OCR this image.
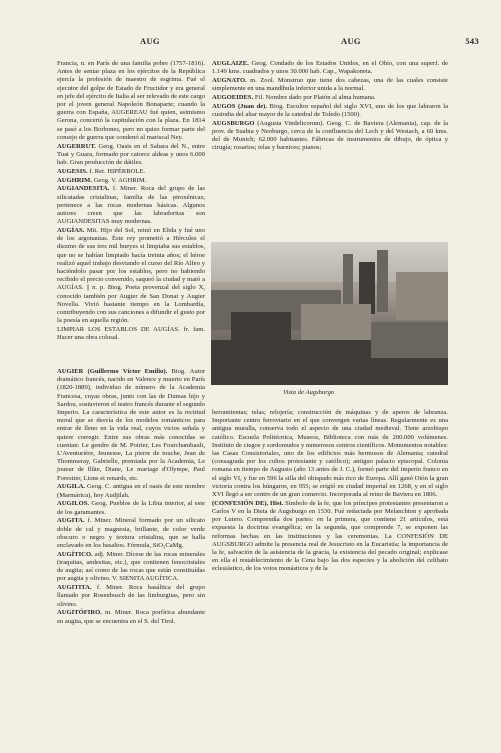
AUG	AUG	543

Francia, n. en París de una familia pobre (1757-1816). Antes de sentar plaza en los ejércitos de la República ejercía la profesión de maestro de esgrima. Fué el ejecutor del golpe de Estado de Fructidor y era general en jefe del ejército de Italia al ser relevado de este cargo por el joven general Napoleón Bonaparte; cuando la guerra con España, AUGEREAU fué quien, asimismo Gerona, concertó la capitulación con la plaza. En 1814 se pasó a los Borbones, pero no quiso formar parte del consejo de guerra que condenó al mariscal Ney.

AUGERRUT. Geog. Oasis en el Sahara del N., entre Tuat y Guara, formado por catorce aldeas y unos 6.000 hab. Gran producción de dátiles.

AUGESIS. f. Ret. HIPÉRBOLE.

AUGHRIM. Geog. V. AGHRIM.

AUGIANDESITA. f. Miner. Roca del grupo de las silicatadas cristalinas, familia de las piroxénicas; pertenece a las rocas modernas básicas. Algunos autores creen que las labradoritas son AUGIANDESITAS muy modernas.

AUGÍAS. Mit. Hijo del Sol, reinó en Elida y fué uno de los argonautas. Éste rey prometió a Hércules el diezmo de sus tres mil bueyes si limpiaba sus establos, que no se habían limpiado hacía treinta años; el héroe realizó aquel trabajo desviando el curso del Río Alfeo y haciéndolo pasar por los establos, pero no habiendo recibido el precio convenido, saqueó la ciudad y mató a AUGÍAS. || n. p. Biog. Poeta provenzal del siglo X, conocido también por Augier de San Donat y Augier Novella. Vivió bastante tiempo en la Lombardía, contribuyendo con sus canciones a difundir el gusto por la poesía en aquella región.

LIMPIAR LOS ESTABLOS DE AUGÍAS. fr. fam. Hacer una obra colosal.

AUGIER (Guillermo Víctor Emilio). Biog. Autor dramático francés, nacido en Valence y muerto en París (1820-1889), individuo de número de la Academia Francesa, cuyas obras, junto con las de Dumas hijo y Sardou, sostuvieron el teatro francés durante el segundo Imperio. La característica de este autor es la rectitud moral que se desvía de los modelos románticos para entrar de lleno en la vida real, cuyos vicios señala y quiere corregir. Entre sus obras más conocidas se cuentan: Le gendre de M. Poirier, Les Fourchambault, L'Aventurière, Jeunesse, La pierre de touche, Jean de Thommeray, Gabrielle, premiada por la Academia, Le joueur de flûte, Diane, Le mariage d'Olympe, Paul Forestier, Lions et renards, etc.

AUGILA. Geog. C. antigua en el oasis de este nombre (Marmárica), hoy Audjilah.

AUGILOS. Geog. Pueblos de la Libia interior, al este de los garamantes.

AUGITA. f. Miner. Mineral formado por un silicato doble de cal y magnesia, brillante, de color verde obscuro o negro y textura cristalina, que se halla enclavado en los basaltos. Fórmula, SiO₃CaMg.

AUGÍTICO. adj. Miner. Dícese de las rocas minerales (traquitas, andesitas, etc.), que contienen fenocristales de augita; así como de las rocas que están constituídas por augita y olivino. V. SIENITA AUGÍTICA.

AUGITITA. f. Miner. Roca basáltica del grupo llamado por Rosenbusch de las limburgitas, pero sin olivino.

AUGITÓFIRO. m. Miner. Roca porfírica abundante en augita, que se encuentra en el S. del Tirol.

AUGLAIZE. Geog. Condado de los Estados Unidos, en el Ohío, con una superf. de 1.149 kms. cuadrados y unos 30.000 hab. Cap., Wapakoneta.

AUGNATO. m. Zool. Monstruo que tiene dos cabezas, una de las cuales consiste simplemente en una mandíbula inferior unida a la normal.

AUGOEIDES. Fil. Nombre dado por Platón al alma humana.

AUGOS (Juan de). Biog. Escultor español del siglo XVI, uno de los que labraron la custodia del altar mayor de la catedral de Toledo (1500).

AUGSBURGO (Augusta Vindelicorum). Geog. C. de Baviera (Alemania), cap. de la prov. de Suabia y Neoburgo, cerca de la confluencia del Lech y del Westach, a 60 kms. del de Munich; 62.000 habitantes. Fábricas de instrumentos de dibujo, de óptica y cirugía; rosarios; telas y barnices; pianos;

Vista de Augsburgo

herramientas; telas; relojería; construcción de máquinas y de aperos de labranza. Importante centro ferroviario en el que convergen varias líneas. Regularmente es una antigua muralla, conserva todo el aspecto de una ciudad medieval. Tiene arzobispo católico. Escuela Politécnica, Museos, Biblioteca con más de 200.000 volúmenes. Instituto de ciegos y sordomudos y numerosos centros científicos. Monumentos notables: las Casas Consistoriales, uno de los edificios más hermosos de Alemania; catedral (consagrada por los cultos protestante y católico); antiguo palacio episcopal. Colonia romana en tiempo de Augusto (año 13 antes de J. C.), formó parte del imperio franco en el siglo VI, y fue en 596 la silla del obispado más rico de Europa. Allí ganó Otón la gran victoria contra los húngaros, en 955; se erigió en ciudad imperial en 1268, y en el siglo XVI llegó a ser centro de un gran comercio. Incorporada al reino de Baviera en 1806.

(CONFESIÓN DE), Hist. Símbolo de la fe, que los príncipes protestantes presentaron a Carlos V en la Dieta de Augsburgo en 1530. Fué redactada por Melanchton y aprobada por Lutero. Comprendía dos partes: en la primera, que contiene 21 artículos, está expuesta la doctrina evangélica; en la segunda, que comprende 7, se exponen las reformas hechas en las instituciones y las ceremonias. La CONFESIÓN DE AUGSBURGO admite la presencia real de Jesucristo en la Eucaristía; la importancia de la fe, salvación de la asistencia de la gracia, la existencia del pecado original; explicase en ella el restablecimiento de la Cena bajo las dos especies y la abolición del celibato eclesiástico, de los votos monásticos y de la
